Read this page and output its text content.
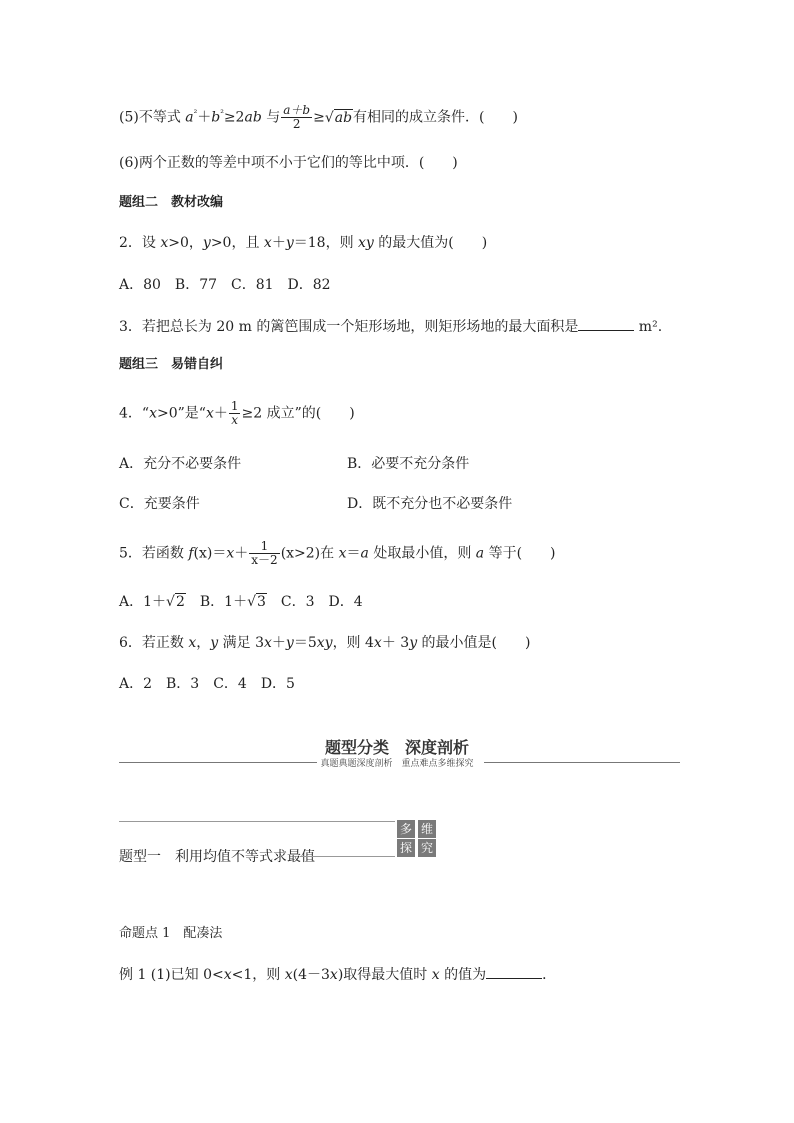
(5)不等式 $a^{^2}+b^{^2}\ge 2ab$ 与 $\frac{a+b}{2} \ge√ab$有相同的成立条件．(　　)
(6)两个正数的等差中项不小于它们的等比中项．(　　)
题组二　教材改编
2．设 x>0，y>0，且 x＋y＝18，则 xy 的最大值为(　　)
A．80　B．77　C．81　D．82
3．若把总长为 20 m 的篱笆围成一个矩形场地，则矩形场地的最大面积是	m².
题组三　易错自纠
4．“x>0”是“$x+ \frac{1}{x} \ge 2$ 成立”的(　　)
A．充分不必要条件	B．必要不充分条件
C．充要条件	D．既不充分也不必要条件
5．若函数 $f(x)=x+ \frac{1}{x-2} (x>2)$在 x＝a 处取最小值，则 a 等于(　　)
A．1＋√2　B．1＋√3　C．3　D．4
6．若正数 x，y 满足 3x＋y＝5xy，则 4x＋ 3y 的最小值是(　　)
A．2　B．3　C．4　D．5
题型分类　深度剖析
真题典题深度剖析　重点难点多维探究
题型一　利用均值不等式求最值
多 维
探 究
命题点 1　配凑法
例 1 (1)已知 0<x<1，则 x(4－3x)取得最大值时 x 的值为	．
